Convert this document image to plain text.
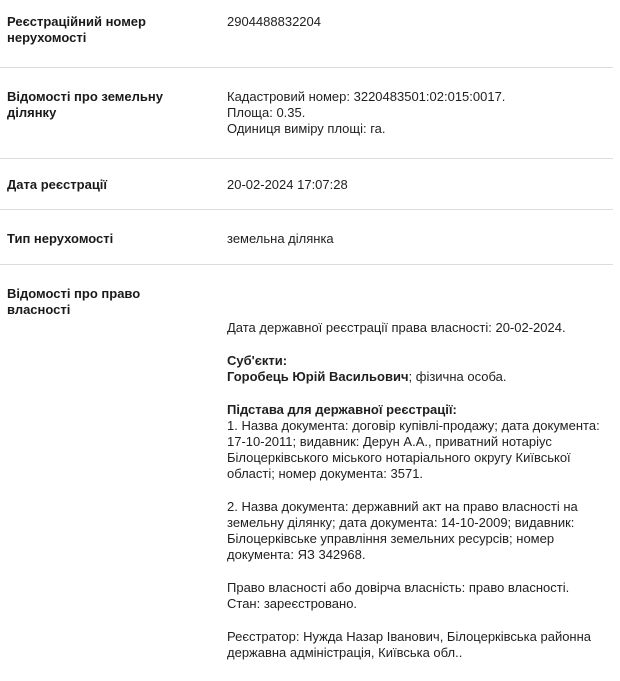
Реєстраційний номер
нерухомості
2904488832204
Відомості про земельну ділянку
Кадастровий номер: 3220483501:02:015:0017.
Площа: 0.35.
Одиниця виміру площі: га.
Дата реєстрації	20-02-2024 17:07:28
Тип нерухомості	земельна ділянка
Відомості про право власності
Дата державної реєстрації права власності: 20-02-2024.
Суб'єкти:
Горобець Юрій Васильович; фізична особа.
Підстава для державної реєстрації:
1. Назва документа: договір купівлі-продажу; дата документа:
17-10-2011; видавник: Дерун А.А., приватний нотаріус
Білоцерківського міського нотаріального округу Київської
області; номер документа: 3571.
2. Назва документа: державний акт на право власності на
земельну ділянку; дата документа: 14-10-2009; видавник:
Білоцерківське управління земельних ресурсів; номер
документа: ЯЗ 342968.
Право власності або довірча власність: право власності.
Стан: зареєстровано.
Реєстратор: Нужда Назар Іванович, Білоцерківська районна
державна адміністрація, Київська обл..
